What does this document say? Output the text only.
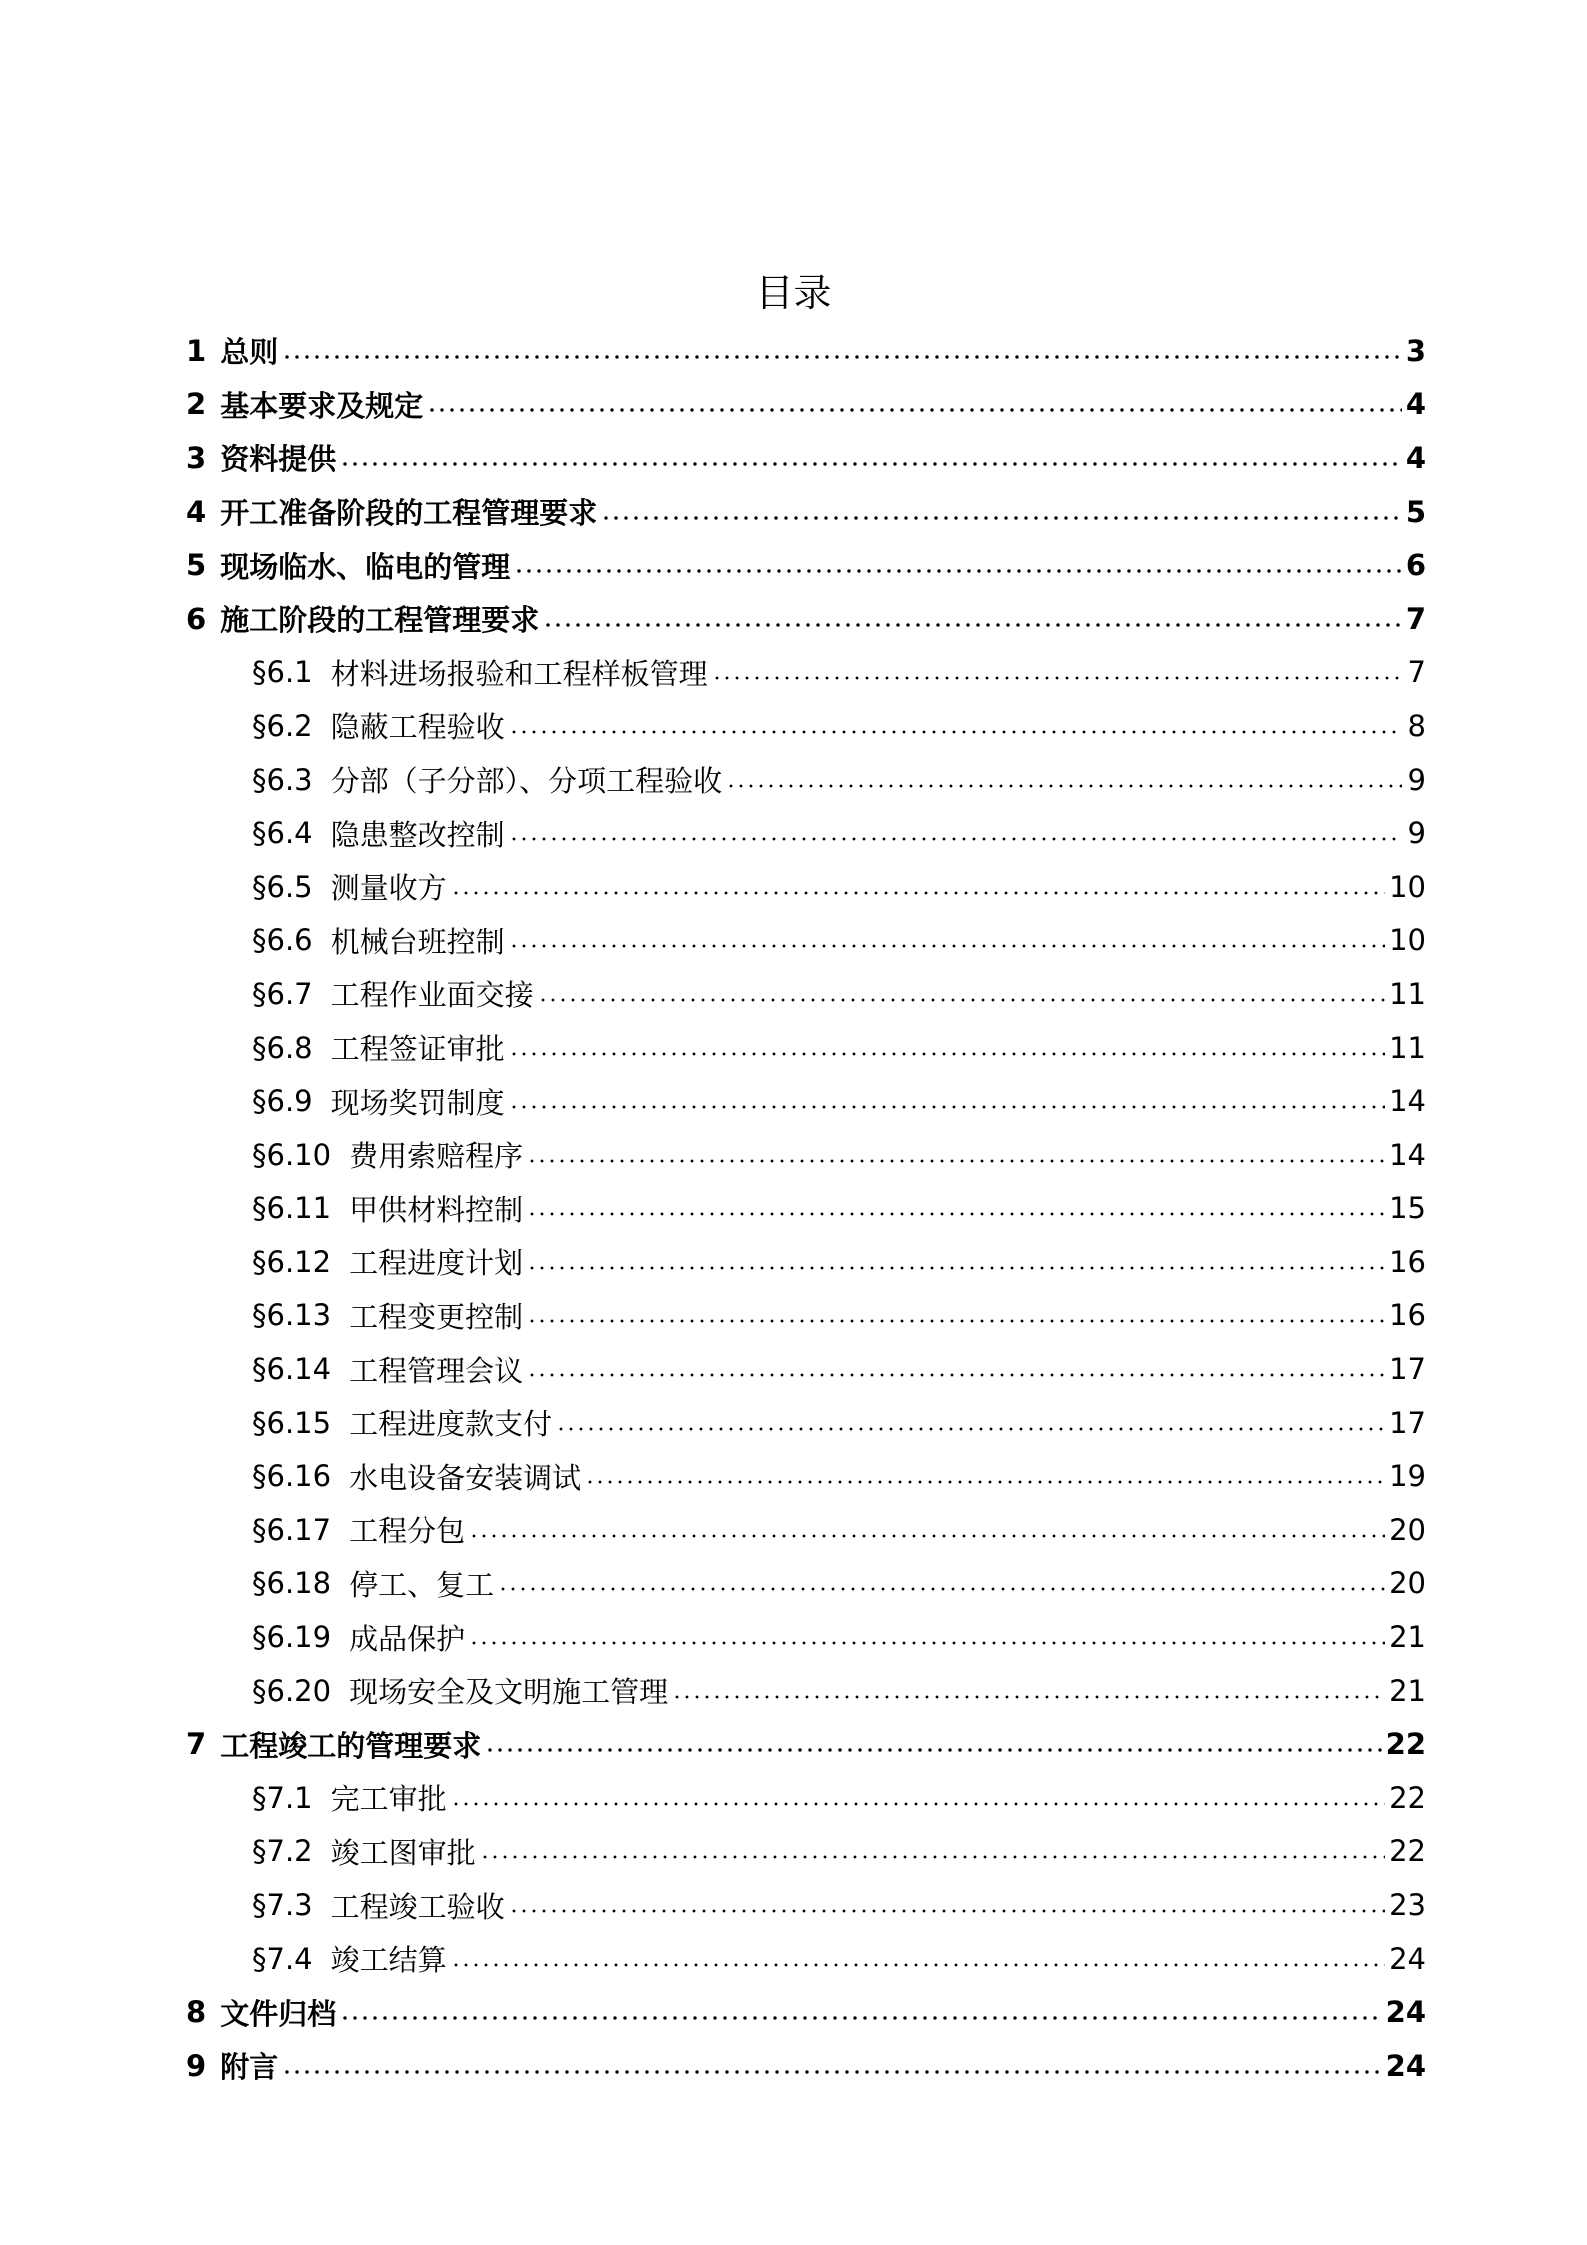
目录
1 总则	3
2 基本要求及规定	4
3 资料提供	4
4 开工准备阶段的工程管理要求	5
5 现场临水、临电的管理	6
6 施工阶段的工程管理要求	7
§6.1 材料进场报验和工程样板管理	7
§6.2 隐蔽工程验收	8
§6.3 分部（子分部）、分项工程验收	9
§6.4 隐患整改控制	9
§6.5 测量收方	10
§6.6 机械台班控制	10
§6.7 工程作业面交接	11
§6.8 工程签证审批	11
§6.9 现场奖罚制度	14
§6.10 费用索赔程序	14
§6.11 甲供材料控制	15
§6.12 工程进度计划	16
§6.13 工程变更控制	16
§6.14 工程管理会议	17
§6.15 工程进度款支付	17
§6.16 水电设备安装调试	19
§6.17 工程分包	20
§6.18 停工、复工	20
§6.19 成品保护	21
§6.20 现场安全及文明施工管理	21
7 工程竣工的管理要求	22
§7.1 完工审批	22
§7.2 竣工图审批	22
§7.3 工程竣工验收	23
§7.4 竣工结算	24
8 文件归档	24
9 附言	24
